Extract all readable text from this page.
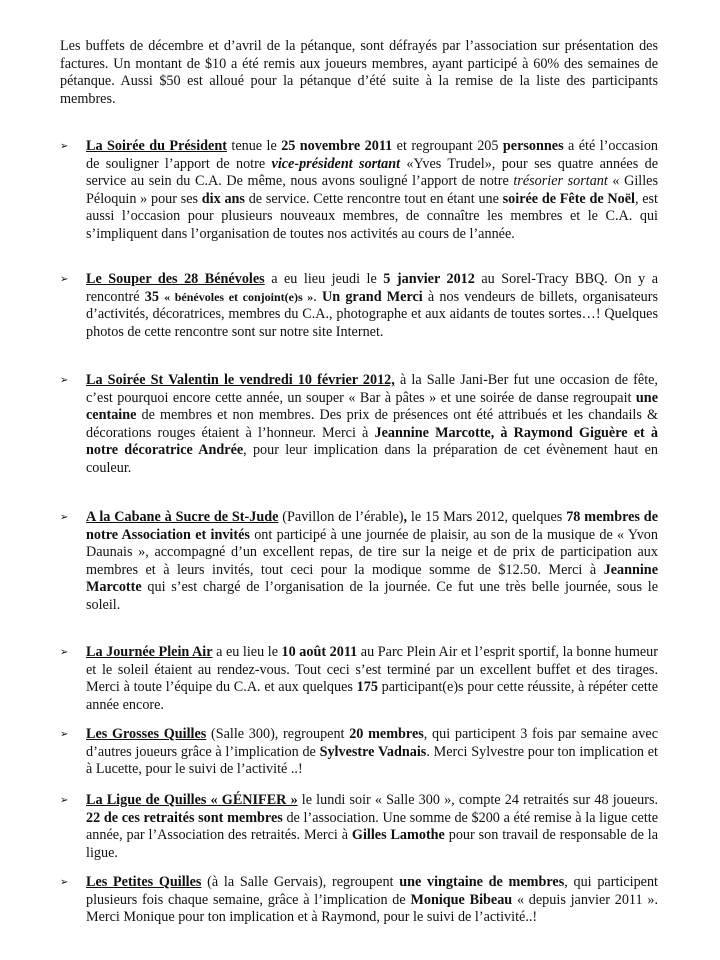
Les buffets de décembre et d’avril de la pétanque, sont défrayés par l’association sur présentation des factures. Un montant de $10 a été remis aux joueurs membres, ayant participé à 60% des semaines de pétanque. Aussi $50 est alloué pour la pétanque d’été suite à la remise de la liste des participants membres.

➢ La Soirée du Président tenue le 25 novembre 2011 et regroupant 205 personnes a été l’occasion de souligner l’apport de notre vice-président sortant «Yves Trudel», pour ses quatre années de service au sein du C.A. De même, nous avons souligné l’apport de notre trésorier sortant « Gilles Péloquin » pour ses dix ans de service. Cette rencontre tout en étant une soirée de Fête de Noël, est aussi l’occasion pour plusieurs nouveaux membres, de connaître les membres et le C.A. qui s’impliquent dans l’organisation de toutes nos activités au cours de l’année.

➢ Le Souper des 28 Bénévoles a eu lieu jeudi le 5 janvier 2012 au Sorel-Tracy BBQ. On y a rencontré 35 « bénévoles et conjoint(e)s ». Un grand Merci à nos vendeurs de billets, organisateurs d’activités, décoratrices, membres du C.A., photographe et aux aidants de toutes sortes…! Quelques photos de cette rencontre sont sur notre site Internet.

➢ La Soirée St Valentin le vendredi 10 février 2012, à la Salle Jani-Ber fut une occasion de fête, c’est pourquoi encore cette année, un souper « Bar à pâtes » et une soirée de danse regroupait une centaine de membres et non membres. Des prix de présences ont été attribués et les chandails & décorations rouges étaient à l’honneur. Merci à Jeannine Marcotte, à Raymond Giguère et à notre décoratrice Andrée, pour leur implication dans la préparation de cet évènement haut en couleur.

➢ A la Cabane à Sucre de St-Jude (Pavillon de l’érable), le 15 Mars 2012, quelques 78 membres de notre Association et invités ont participé à une journée de plaisir, au son de la musique de « Yvon Daunais », accompagné d’un excellent repas, de tire sur la neige et de prix de participation aux membres et à leurs invités, tout ceci pour la modique somme de $12.50. Merci à Jeannine Marcotte qui s’est chargé de l’organisation de la journée. Ce fut une très belle journée, sous le soleil.

➢ La Journée Plein Air a eu lieu le 10 août 2011 au Parc Plein Air et l’esprit sportif, la bonne humeur et le soleil étaient au rendez-vous. Tout ceci s’est terminé par un excellent buffet et des tirages. Merci à toute l’équipe du C.A. et aux quelques 175 participant(e)s pour cette réussite, à répéter cette année encore.

➢ Les Grosses Quilles (Salle 300), regroupent 20 membres, qui participent 3 fois par semaine avec d’autres joueurs grâce à l’implication de Sylvestre Vadnais. Merci Sylvestre pour ton implication et à Lucette, pour le suivi de l’activité ..!

➢ La Ligue de Quilles « GÉNIFER » le lundi soir « Salle 300 », compte 24 retraités sur 48 joueurs. 22 de ces retraités sont membres de l’association. Une somme de $200 a été remise à la ligue cette année, par l’Association des retraités. Merci à Gilles Lamothe pour son travail de responsable de la ligue.

➢ Les Petites Quilles (à la Salle Gervais), regroupent une vingtaine de membres, qui participent plusieurs fois chaque semaine, grâce à l’implication de Monique Bibeau « depuis janvier 2011 ». Merci Monique pour ton implication et à Raymond, pour le suivi de l’activité..!
